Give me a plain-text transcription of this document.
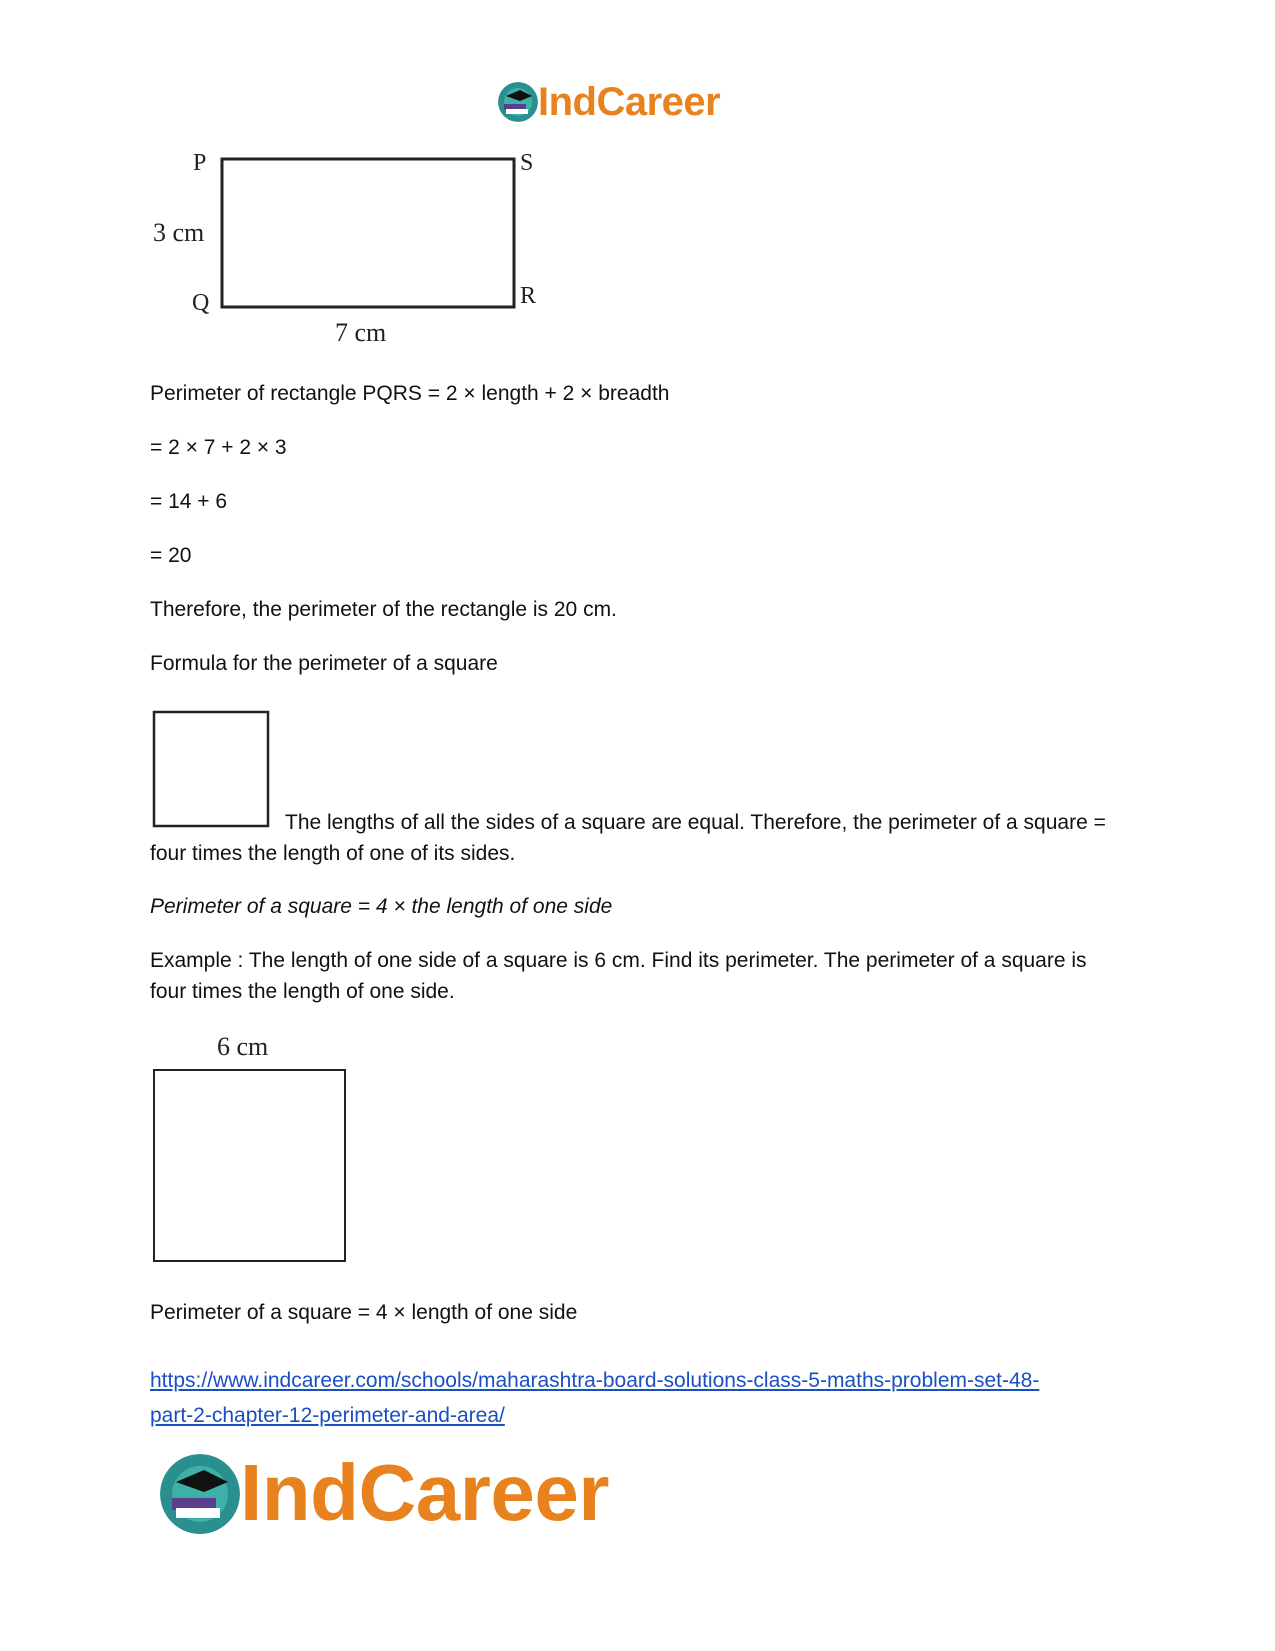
IndCareer
P	S
Q	R
3 cm
7 cm
Perimeter of rectangle PQRS = 2 × length + 2 × breadth
= 2 × 7 + 2 × 3
= 14 + 6
= 20
Therefore, the perimeter of the rectangle is 20 cm.
Formula for the perimeter of a square
The lengths of all the sides of a square are equal. Therefore, the perimeter of a square = four times the length of one of its sides.
Perimeter of a square = 4 × the length of one side
Example : The length of one side of a square is 6 cm. Find its perimeter. The perimeter of a square is four times the length of one side.
6 cm
Perimeter of a square = 4 × length of one side
https://www.indcareer.com/schools/maharashtra-board-solutions-class-5-maths-problem-set-48-
part-2-chapter-12-perimeter-and-area/
IndCareer
